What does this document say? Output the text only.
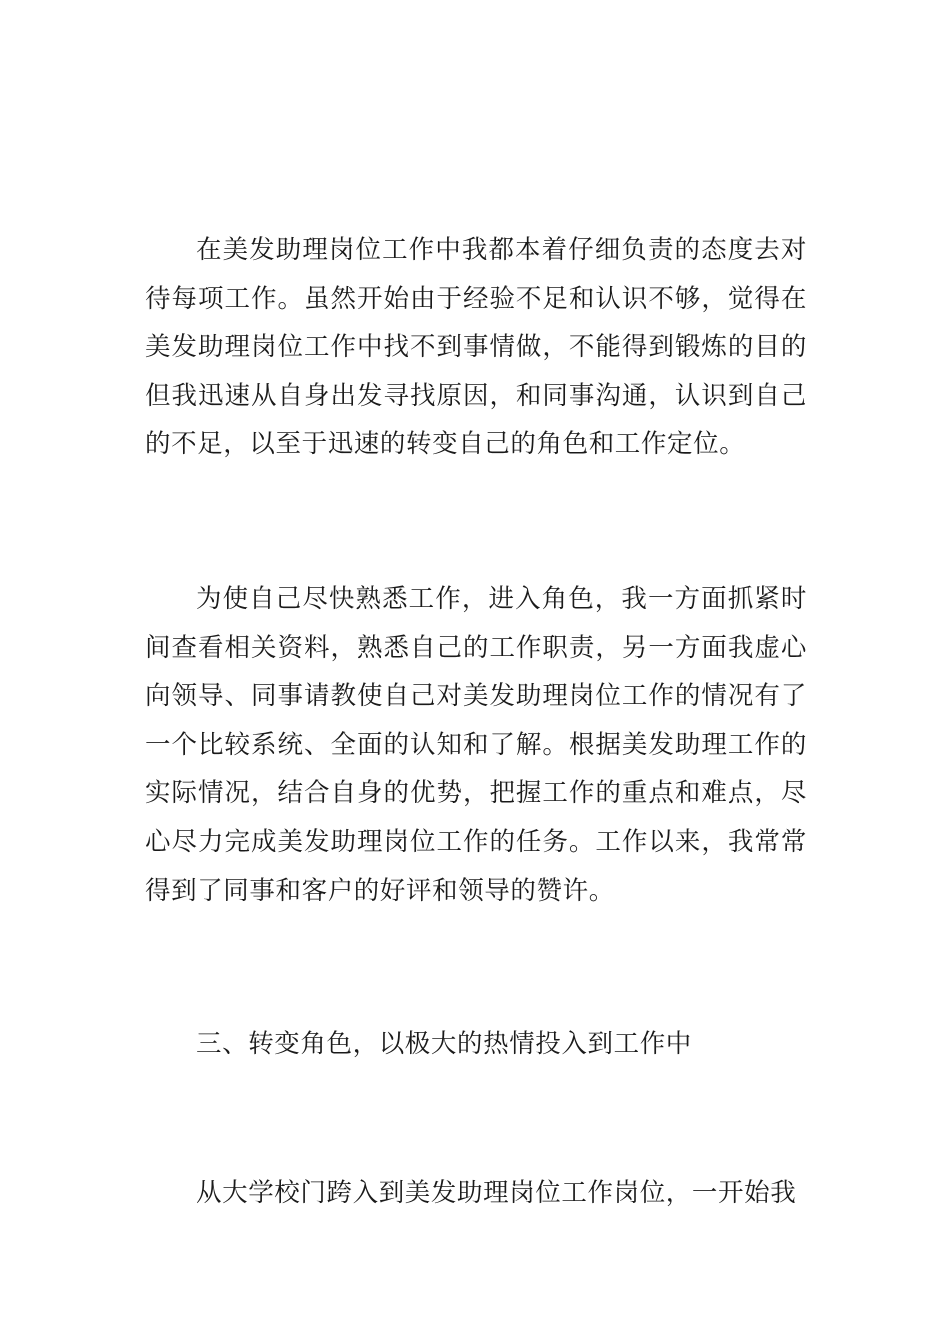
在美发助理岗位工作中我都本着仔细负责的态度去对待每项工作。虽然开始由于经验不足和认识不够，觉得在美发助理岗位工作中找不到事情做，不能得到锻炼的目的但我迅速从自身出发寻找原因，和同事沟通，认识到自己的不足，以至于迅速的转变自己的角色和工作定位。

为使自己尽快熟悉工作，进入角色，我一方面抓紧时间查看相关资料，熟悉自己的工作职责，另一方面我虚心向领导、同事请教使自己对美发助理岗位工作的情况有了一个比较系统、全面的认知和了解。根据美发助理工作的实际情况，结合自身的优势，把握工作的重点和难点，尽心尽力完成美发助理岗位工作的任务。工作以来，我常常得到了同事和客户的好评和领导的赞许。

三、转变角色，以极大的热情投入到工作中

从大学校门跨入到美发助理岗位工作岗位，一开始我
